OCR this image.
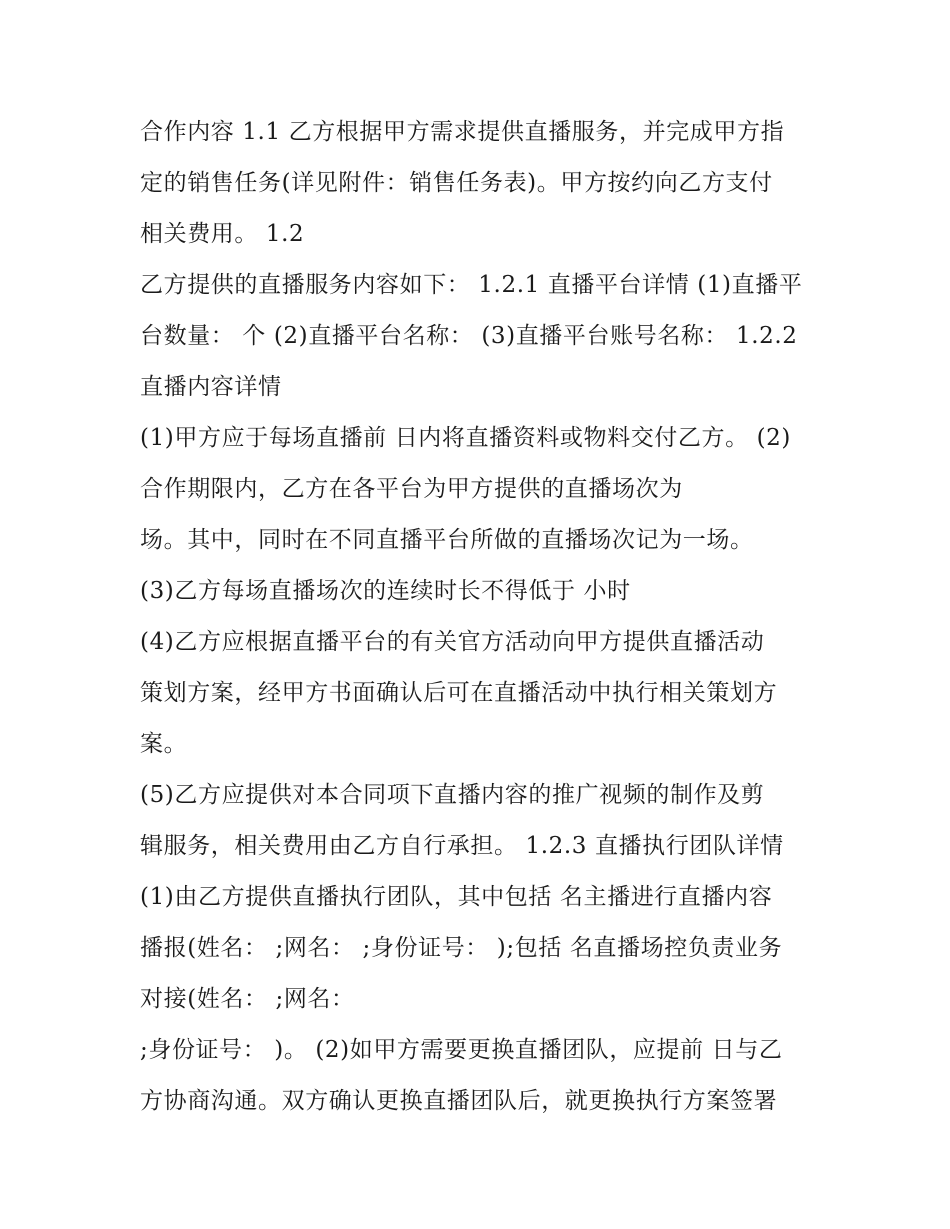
合作内容 1.1 乙方根据甲方需求提供直播服务，并完成甲方指
定的销售任务(详见附件：销售任务表)。甲方按约向乙方支付
相关费用。 1.2
乙方提供的直播服务内容如下： 1.2.1 直播平台详情 (1)直播平
台数量： 个 (2)直播平台名称： (3)直播平台账号名称： 1.2.2
直播内容详情
(1)甲方应于每场直播前 日内将直播资料或物料交付乙方。 (2)
合作期限内，乙方在各平台为甲方提供的直播场次为
场。其中，同时在不同直播平台所做的直播场次记为一场。
(3)乙方每场直播场次的连续时长不得低于 小时
(4)乙方应根据直播平台的有关官方活动向甲方提供直播活动
策划方案，经甲方书面确认后可在直播活动中执行相关策划方
案。
(5)乙方应提供对本合同项下直播内容的推广视频的制作及剪
辑服务，相关费用由乙方自行承担。 1.2.3 直播执行团队详情
(1)由乙方提供直播执行团队，其中包括 名主播进行直播内容
播报(姓名： ;网名： ;身份证号： );包括 名直播场控负责业务
对接(姓名： ;网名：
;身份证号： )。 (2)如甲方需要更换直播团队，应提前 日与乙
方协商沟通。双方确认更换直播团队后，就更换执行方案签署
